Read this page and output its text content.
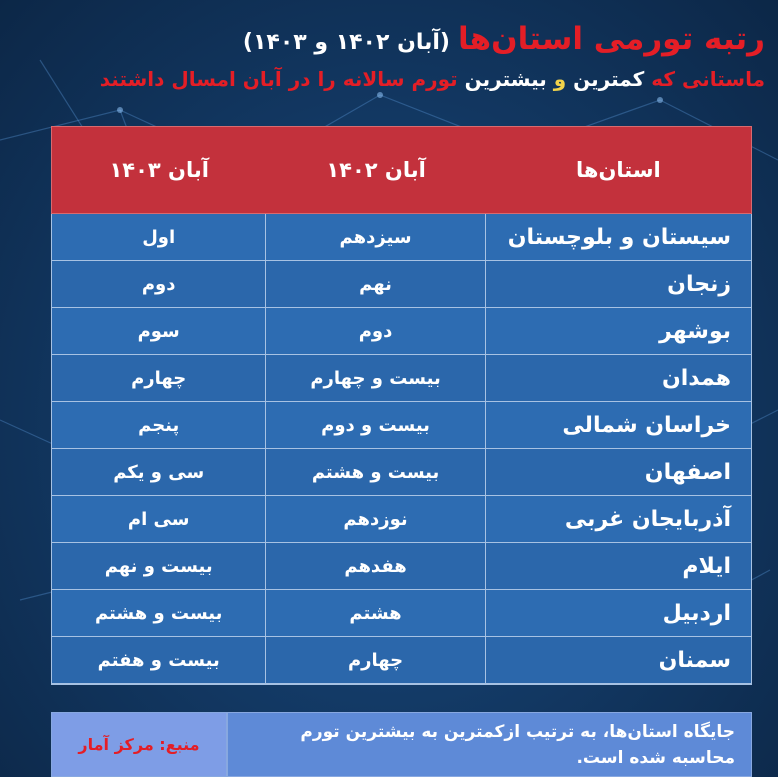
رتبه تورمی استان‌ها(آبان ۱۴۰۲ و ۱۴۰۳)
ماستانی که کمترین و بیشترین تورم سالانه را در آبان امسال داشتند
استان‌ها
آبان ۱۴۰۲
آبان ۱۴۰۳
سیستان و بلوچستان
سیزدهم
اول
زنجان
نهم
دوم
بوشهر
دوم
سوم
همدان
بیست و چهارم
چهارم
خراسان شمالی
بیست و دوم
پنجم
اصفهان
بیست و هشتم
سی و یکم
آذربایجان غربی
نوزدهم
سی ام
ایلام
هفدهم
بیست و نهم
اردبیل
هشتم
بیست و هشتم
سمنان
چهارم
بیست و هفتم
جایگاه استان‌ها، به ترتیب ازکمترین به بیشترین تورم محاسبه شده است.
منبع: مرکز آمار
